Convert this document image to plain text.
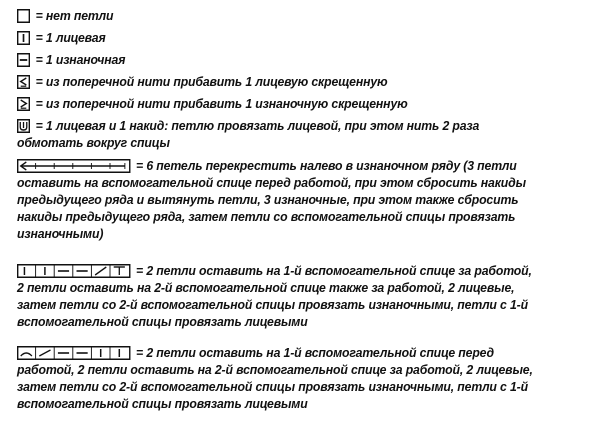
= нет петли
= 1 лицевая
= 1 изнаночная
= из поперечной нити прибавить 1 лицевую скрещенную
= из поперечной нити прибавить 1 изнаночную скрещенную
= 1 лицевая и 1 накид: петлю провязать лицевой, при этом нить 2 раза
обмотать вокруг спицы
= 6 петель перекрестить налево в изнаночном ряду (3 петли
оставить на вспомогательной спице перед работой, при этом сбросить накиды
предыдущего ряда и вытянуть петли, 3 изнаночные, при этом также сбросить
накиды предыдущего ряда, затем петли со вспомогательной спицы провязать
изнаночными)
= 2 петли оставить на 1-й вспомогательной спице за работой,
2 петли оставить на 2-й вспомогательной спице также за работой, 2 лицевые,
затем петли со 2-й вспомогательной спицы провязать изнаночными, петли с 1-й
вспомогательной спицы провязать лицевыми
= 2 петли оставить на 1-й вспомогательной спице перед
работой, 2 петли оставить на 2-й вспомогательной спице за работой, 2 лицевые,
затем петли со 2-й вспомогательной спицы провязать изнаночными, петли с 1-й
вспомогательной спицы провязать лицевыми
